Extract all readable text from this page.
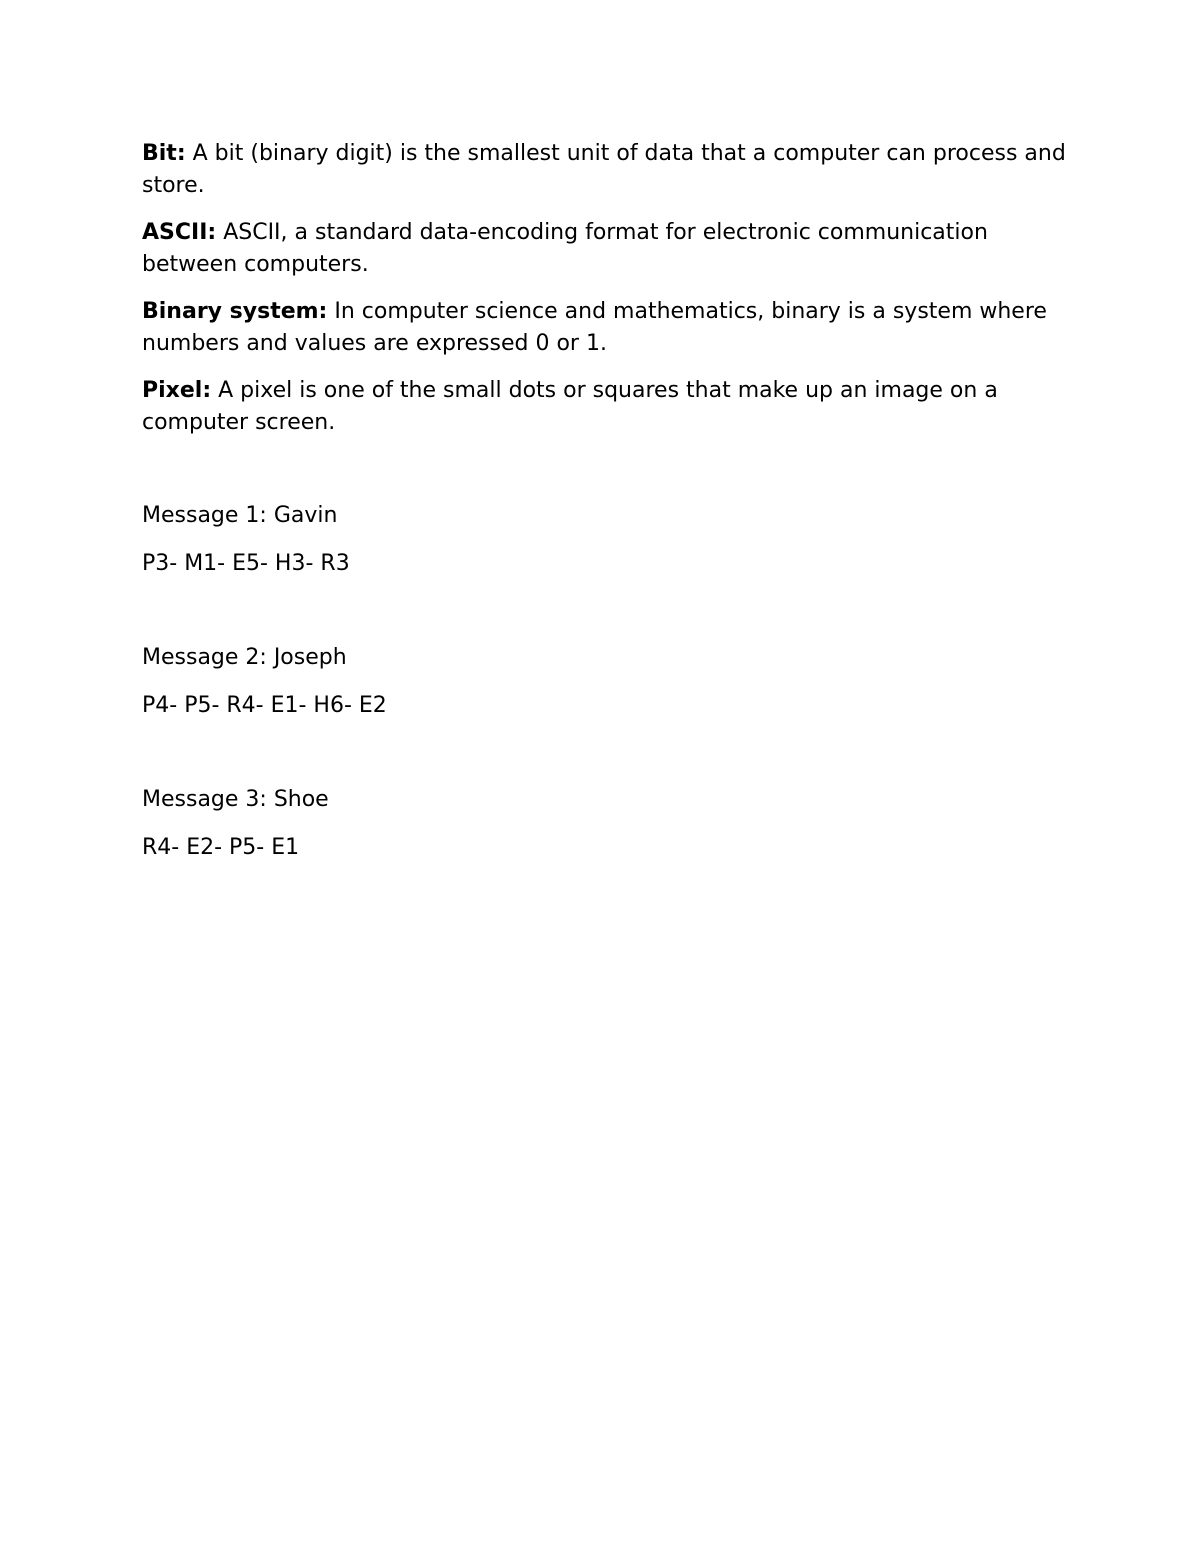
Bit: A bit (binary digit) is the smallest unit of data that a computer can process and store.

ASCII: ASCII, a standard data-encoding format for electronic communication between computers.

Binary system: In computer science and mathematics, binary is a system where numbers and values are expressed 0 or 1.

Pixel: A pixel is one of the small dots or squares that make up an image on a computer screen.

Message 1: Gavin

P3- M1- E5- H3- R3

Message 2: Joseph

P4- P5- R4- E1- H6- E2

Message 3: Shoe

R4- E2- P5- E1
